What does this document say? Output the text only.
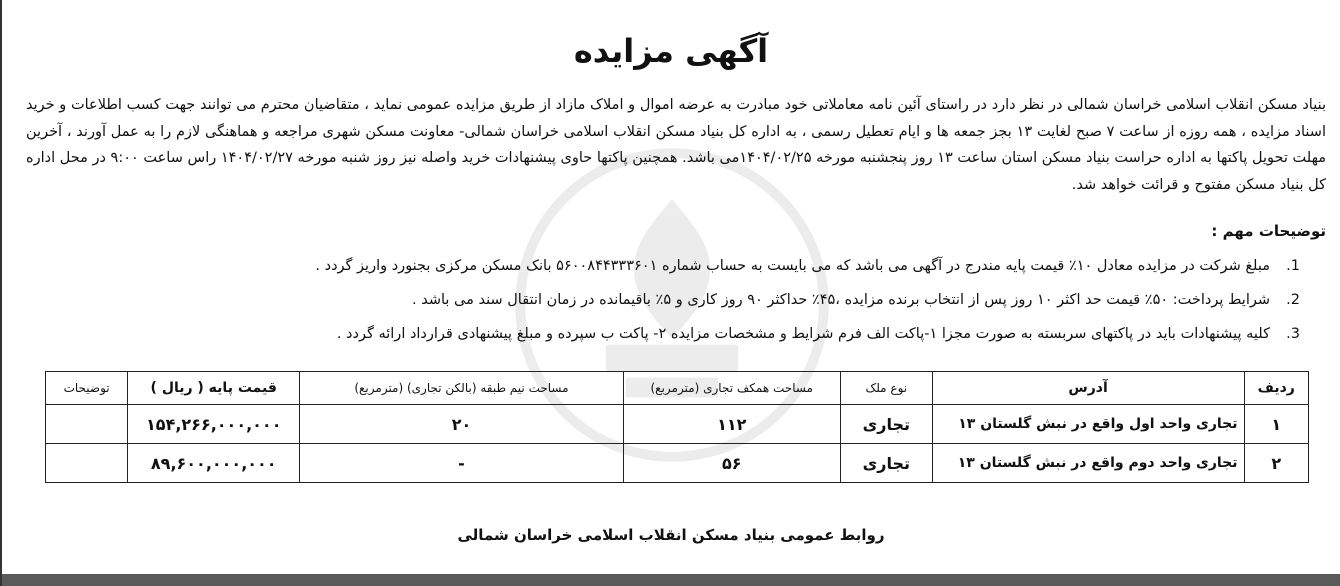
آگهی مزایده
بنیاد مسکن انقلاب اسلامی خراسان شمالی در نظر دارد در راستای آئین نامه معاملاتی خود مبادرت به عرضه اموال و املاک مازاد از طریق مزایده عمومی نماید ، متقاضیان محترم می توانند جهت کسب اطلاعات و خرید اسناد مزایده ، همه روزه از ساعت ۷ صبح لغایت ۱۳ بجز جمعه ها و ایام تعطیل رسمی ، به اداره کل بنیاد مسکن انقلاب اسلامی خراسان شمالی- معاونت مسکن شهری مراجعه و هماهنگی لازم را به عمل آورند ، آخرین مهلت تحویل پاکتها به اداره حراست بنیاد مسکن استان ساعت ۱۳ روز پنجشنبه مورخه ۱۴۰۴/۰۲/۲۵می باشد. همچنین پاکتها حاوی پیشنهادات خرید واصله نیز روز شنبه مورخه ۱۴۰۴/۰۲/۲۷ راس ساعت ۹:۰۰ در محل اداره کل بنیاد مسکن مفتوح و قرائت خواهد شد.
توضیحات مهم :
1.
مبلغ شرکت در مزایده معادل ۱۰٪ قیمت پایه مندرج در آگهی می باشد که می بایست به حساب شماره ۵۶۰۰۸۴۴۳۳۳۶۰۱ بانک مسکن مرکزی بجنورد واریز گردد .
2.
شرایط پرداخت: ۵۰٪ قیمت حد اکثر ۱۰ روز پس از انتخاب برنده مزایده ،۴۵٪ حداکثر ۹۰ روز کاری و ۵٪ باقیمانده در زمان انتقال سند می باشد .
3.
کلیه پیشنهادات باید در پاکتهای سربسته به صورت مجزا ۱-پاکت الف فرم شرایط و مشخصات مزایده ۲- پاکت ب سپرده و مبلغ پیشنهادی قرارداد ارائه گردد .
ردیف	آدرس	نوع ملک	مساحت همکف تجاری (مترمربع)	مساحت نیم طبقه (بالکن تجاری) (مترمربع)	قیمت پایه ( ریال )	توضیحات
۱	تجاری واحد اول واقع در نبش گلستان ۱۳	تجاری	۱۱۲	۲۰	۱۵۴,۲۶۶,۰۰۰,۰۰۰	
۲	تجاری واحد دوم واقع در نبش گلستان ۱۳	تجاری	۵۶	-	۸۹,۶۰۰,۰۰۰,۰۰۰	
روابط عمومی بنیاد مسکن انقلاب اسلامی خراسان شمالی
